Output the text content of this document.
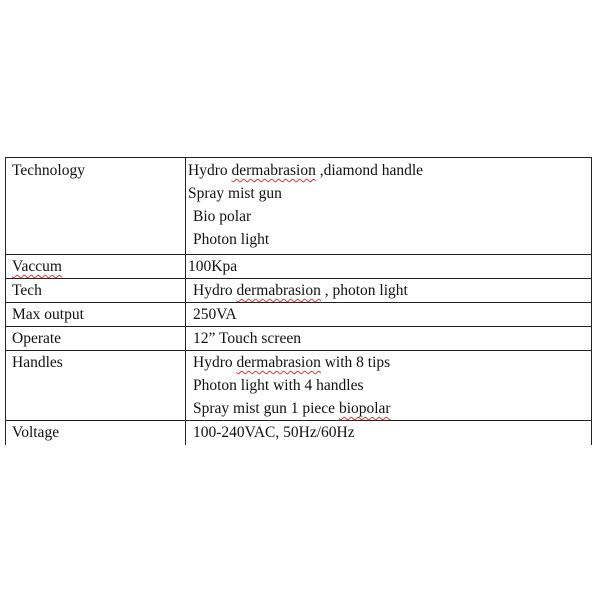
Technology	Hydro dermabrasion ,diamond handle
Spray mist gun
Bio polar
Photon light

Vaccum	100Kpa

Tech	Hydro dermabrasion , photon light

Max output	250VA

Operate	12” Touch screen

Handles	Hydro dermabrasion with 8 tips
Photon light with 4 handles
Spray mist gun 1 piece biopolar

Voltage	100-240VAC, 50Hz/60Hz
